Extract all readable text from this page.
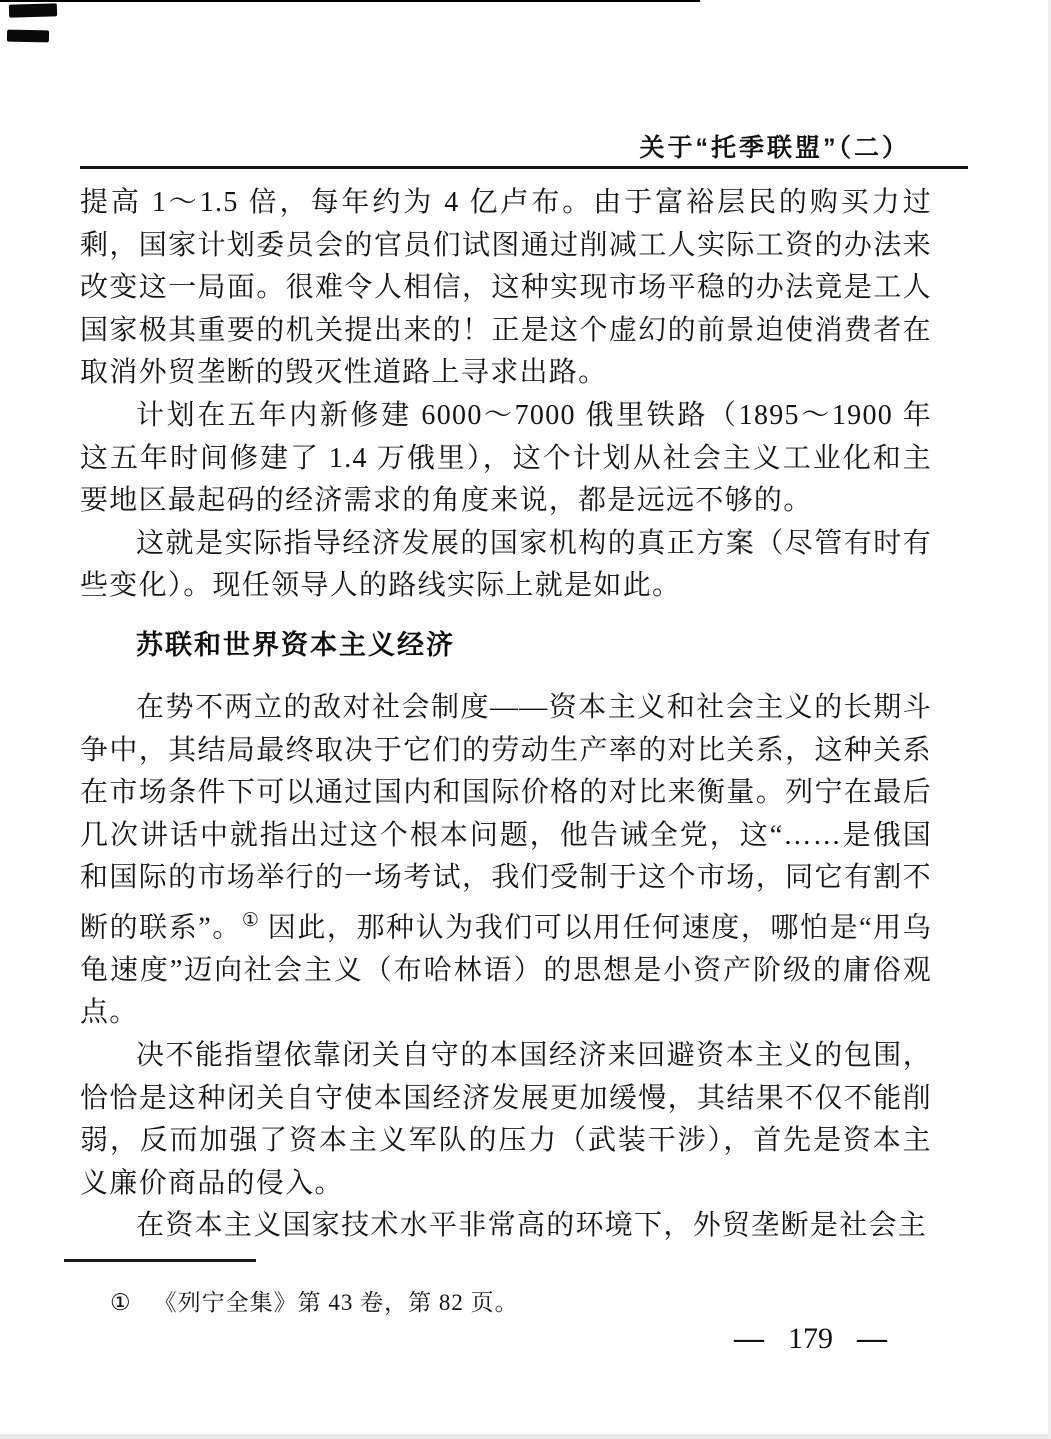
关于“托季联盟”（二）

提高 1～1.5 倍，每年约为 4 亿卢布。由于富裕层民的购买力过剩，国家计划委员会的官员们试图通过削减工人实际工资的办法来改变这一局面。很难令人相信，这种实现市场平稳的办法竟是工人国家极其重要的机关提出来的！正是这个虚幻的前景迫使消费者在取消外贸垄断的毁灭性道路上寻求出路。

计划在五年内新修建 6000～7000 俄里铁路（1895～1900 年这五年时间修建了 1.4 万俄里），这个计划从社会主义工业化和主要地区最起码的经济需求的角度来说，都是远远不够的。

这就是实际指导经济发展的国家机构的真正方案（尽管有时有些变化）。现任领导人的路线实际上就是如此。

苏联和世界资本主义经济

在势不两立的敌对社会制度——资本主义和社会主义的长期斗争中，其结局最终取决于它们的劳动生产率的对比关系，这种关系在市场条件下可以通过国内和国际价格的对比来衡量。列宁在最后几次讲话中就指出过这个根本问题，他告诫全党，这“……是俄国和国际的市场举行的一场考试，我们受制于这个市场，同它有割不断的联系”。① 因此，那种认为我们可以用任何速度，哪怕是“用乌龟速度”迈向社会主义（布哈林语）的思想是小资产阶级的庸俗观点。

决不能指望依靠闭关自守的本国经济来回避资本主义的包围，恰恰是这种闭关自守使本国经济发展更加缓慢，其结果不仅不能削弱，反而加强了资本主义军队的压力（武装干涉），首先是资本主义廉价商品的侵入。

在资本主义国家技术水平非常高的环境下，外贸垄断是社会主

① 《列宁全集》第 43 卷，第 82 页。
— 179 —
